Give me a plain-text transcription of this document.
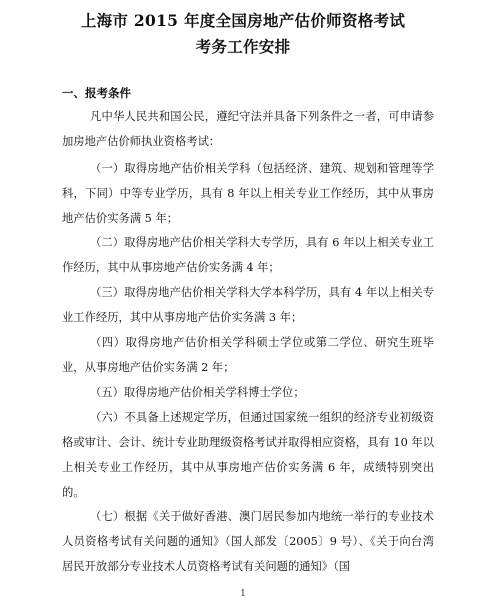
上海市 2015 年度全国房地产估价师资格考试
考务工作安排
一、报考条件
凡中华人民共和国公民，遵纪守法并具备下列条件之一者，可申请参加房地产估价师执业资格考试：
（一）取得房地产估价相关学科（包括经济、建筑、规划和管理等学科，下同）中等专业学历，具有 8 年以上相关专业工作经历，其中从事房地产估价实务满 5 年；
（二）取得房地产估价相关学科大专学历，具有 6 年以上相关专业工作经历，其中从事房地产估价实务满 4 年；
（三）取得房地产估价相关学科大学本科学历，具有 4 年以上相关专业工作经历，其中从事房地产估价实务满 3 年；
（四）取得房地产估价相关学科硕士学位或第二学位、研究生班毕业，从事房地产估价实务满 2 年；
（五）取得房地产估价相关学科博士学位；
（六）不具备上述规定学历，但通过国家统一组织的经济专业初级资格或审计、会计、统计专业助理级资格考试并取得相应资格，具有 10 年以上相关专业工作经历，其中从事房地产估价实务满 6 年，成绩特别突出的。
（七）根据《关于做好香港、澳门居民参加内地统一举行的专业技术人员资格考试有关问题的通知》（国人部发〔2005〕9 号）、《关于向台湾居民开放部分专业技术人员资格考试有关问题的通知》（国
1
